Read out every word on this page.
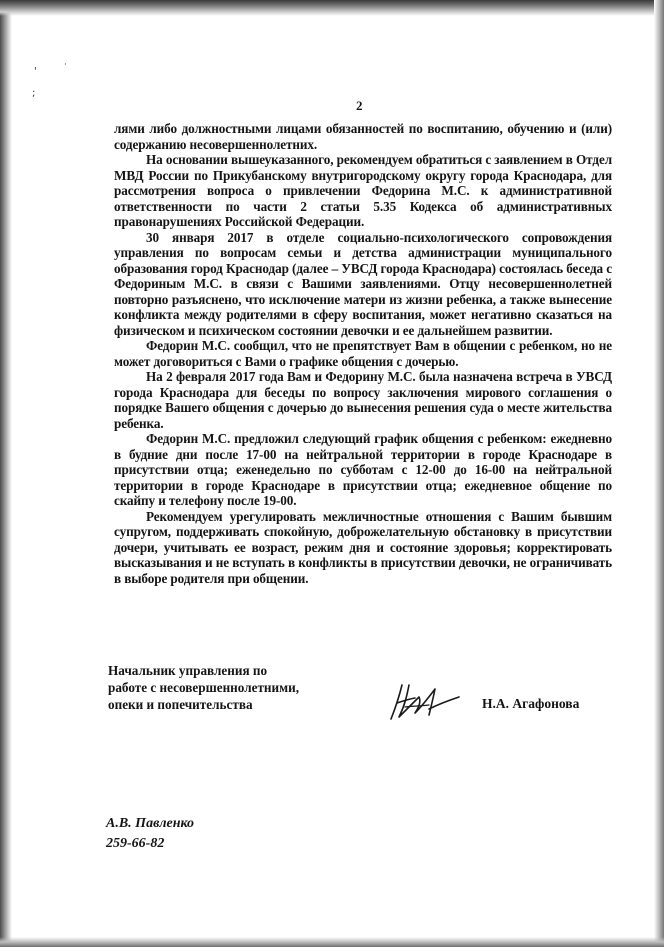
'
·
;
2

лями либо должностными лицами обязанностей по воспитанию, обучению и (или) содержанию несовершеннолетних.

На основании вышеуказанного, рекомендуем обратиться с заявлением в Отдел МВД России по Прикубанскому внутригородскому округу города Краснодара, для рассмотрения вопроса о привлечении Федорина М.С. к административной ответственности по части 2 статьи 5.35 Кодекса об административных правонарушениях Российской Федерации.

30 января 2017 в отделе социально-психологического сопровождения управления по вопросам семьи и детства администрации муниципального образования город Краснодар (далее – УВСД города Краснодара) состоялась беседа с Федориным М.С. в связи с Вашими заявлениями. Отцу несовершеннолетней повторно разъяснено, что исключение матери из жизни ребенка, а также вынесение конфликта между родителями в сферу воспитания, может негативно сказаться на физическом и психическом состоянии девочки и ее дальнейшем развитии.

Федорин М.С. сообщил, что не препятствует Вам в общении с ребенком, но не может договориться с Вами о графике общения с дочерью.

На 2 февраля 2017 года Вам и Федорину М.С. была назначена встреча в УВСД города Краснодара для беседы по вопросу заключения мирового соглашения о порядке Вашего общения с дочерью до вынесения решения суда о месте жительства ребенка.

Федорин М.С. предложил следующий график общения с ребенком: ежедневно в будние дни после 17-00 на нейтральной территории в городе Краснодаре в присутствии отца; еженедельно по субботам с 12-00 до 16-00 на нейтральной территории в городе Краснодаре в присутствии отца; ежедневное общение по скайпу и телефону после 19-00.

Рекомендуем урегулировать межличностные отношения с Вашим бывшим супругом, поддерживать спокойную, доброжелательную обстановку в присутствии дочери, учитывать ее возраст, режим дня и состояние здоровья; корректировать высказывания и не вступать в конфликты в присутствии девочки, не ограничивать в выборе родителя при общении.

Начальник управления по
работе с несовершеннолетними,
опеки и попечительства	Н.А. Агафонова
А.В. Павленко
259-66-82
